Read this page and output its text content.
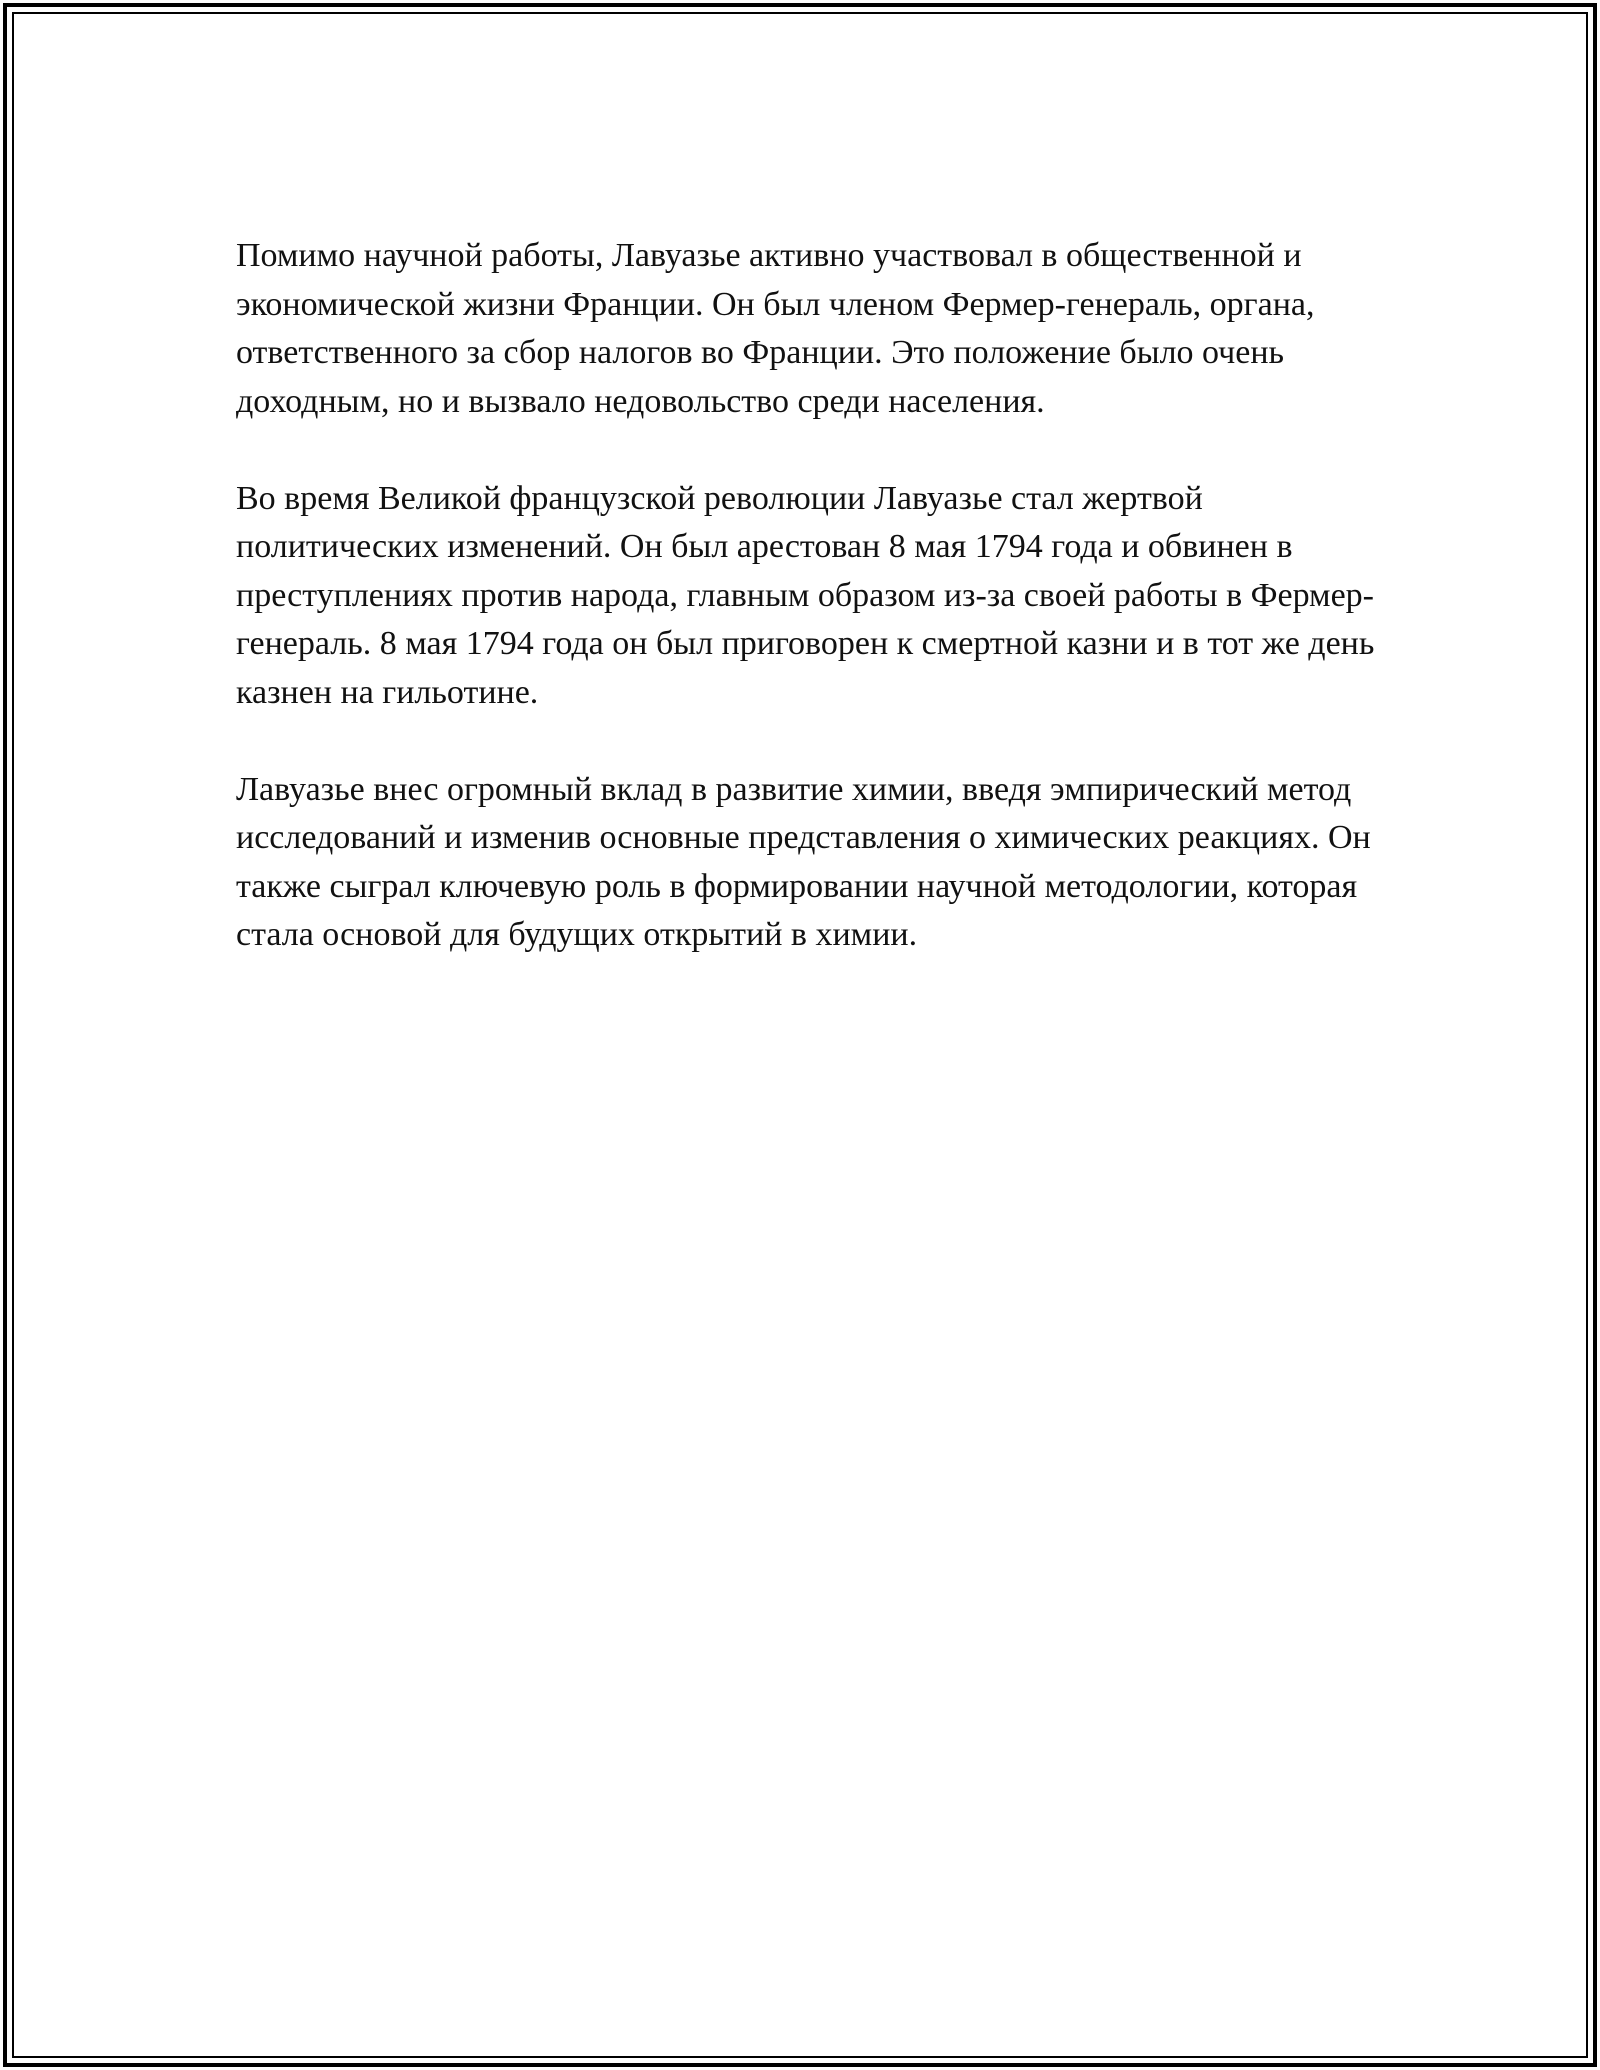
Помимо научной работы, Лавуазье активно участвовал в общественной и экономической жизни Франции. Он был членом Фермер-генераль, органа, ответственного за сбор налогов во Франции. Это положение было очень доходным, но и вызвало недовольство среди населения.

Во время Великой французской революции Лавуазье стал жертвой политических изменений. Он был арестован 8 мая 1794 года и обвинен в преступлениях против народа, главным образом из-за своей работы в Фермер-генераль. 8 мая 1794 года он был приговорен к смертной казни и в тот же день казнен на гильотине.

Лавуазье внес огромный вклад в развитие химии, введя эмпирический метод исследований и изменив основные представления о химических реакциях. Он также сыграл ключевую роль в формировании научной методологии, которая стала основой для будущих открытий в химии.
